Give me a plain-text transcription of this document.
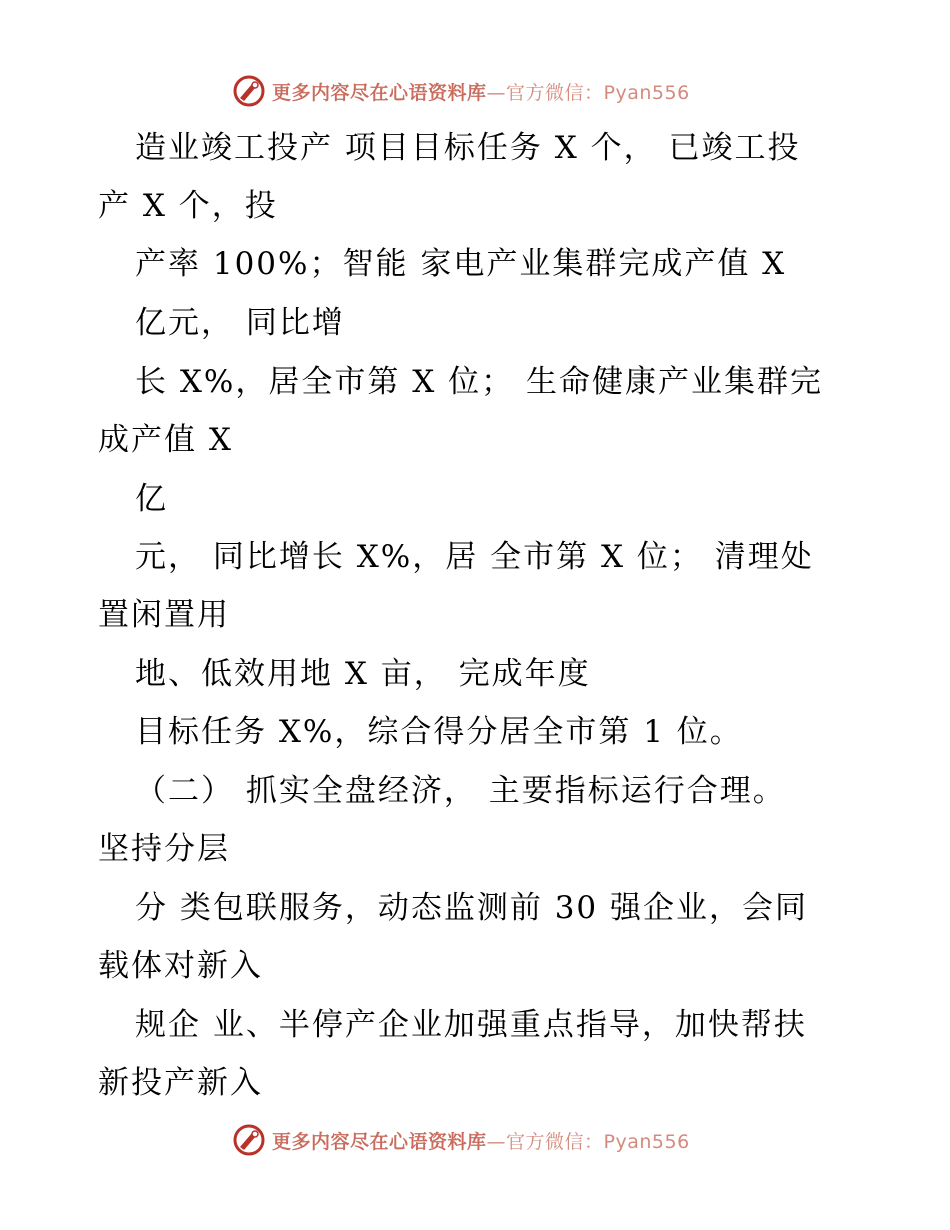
更多内容尽在心语资料库—官方微信：Pyan556
造业竣工投产 项目目标任务 X 个， 已竣工投
产 X 个，投
产率 100%；智能 家电产业集群完成产值 X
亿元， 同比增
长 X%，居全市第 X 位； 生命健康产业集群完
成产值 X
亿
元， 同比增长 X%，居 全市第 X 位； 清理处
置闲置用
地、低效用地 X 亩， 完成年度
目标任务 X%，综合得分居全市第 1 位。
（二） 抓实全盘经济， 主要指标运行合理。
坚持分层
分 类包联服务，动态监测前 30 强企业，会同
载体对新入
规企 业、半停产企业加强重点指导，加快帮扶
新投产新入
更多内容尽在心语资料库—官方微信：Pyan556
